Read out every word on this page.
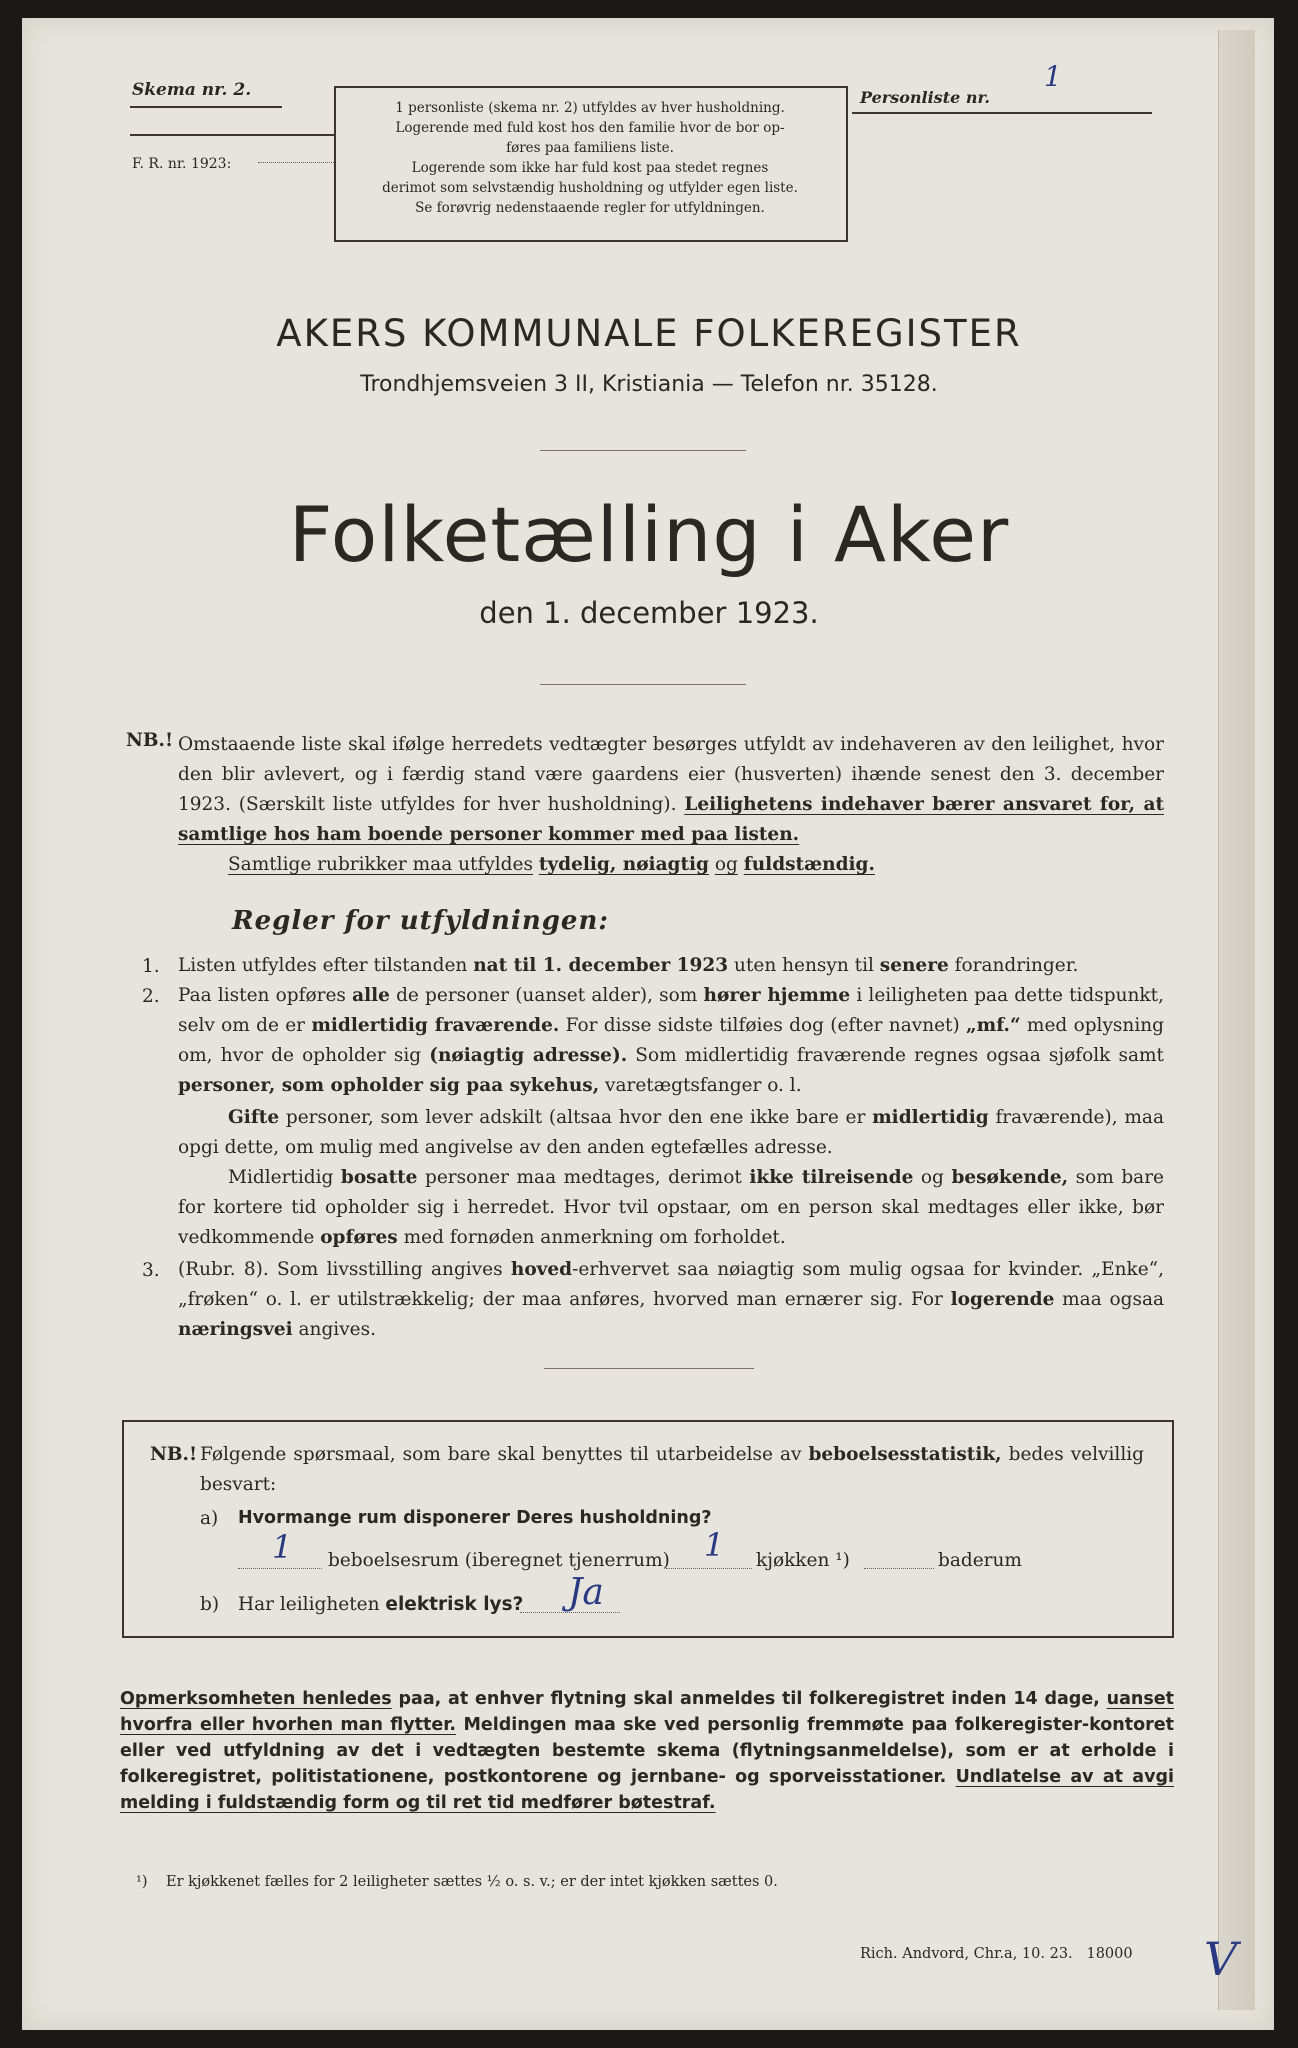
Skema nr. 2.
F. R. nr. 1923:
1 personliste (skema nr. 2) utfyldes av hver husholdning.
Logerende med fuld kost hos den familie hvor de bor op-
føres paa familiens liste.
Logerende som ikke har fuld kost paa stedet regnes
derimot som selvstændig husholdning og utfylder egen liste.
Se forøvrig nedenstaaende regler for utfyldningen.
Personliste nr.
1
AKERS KOMMUNALE FOLKEREGISTER
Trondhjemsveien 3 II, Kristiania — Telefon nr. 35128.
Folketælling i Aker
den 1. december 1923.
NB.! Omstaaende liste skal ifølge herredets vedtægter besørges utfyldt av indehaveren av den leilighet, hvor den blir avlevert, og i færdig stand være gaardens eier (husverten) ihænde senest den 3. december 1923. (Særskilt liste utfyldes for hver husholdning). Leilighetens indehaver bærer ansvaret for, at samtlige hos ham boende personer kommer med paa listen.
Samtlige rubrikker maa utfyldes tydelig, nøiagtig og fuldstændig.
Regler for utfyldningen:
1. Listen utfyldes efter tilstanden nat til 1. december 1923 uten hensyn til senere forandringer.
2. Paa listen opføres alle de personer (uanset alder), som hører hjemme i leiligheten paa dette tidspunkt, selv om de er midlertidig fraværende. For disse sidste tilføies dog (efter navnet) „mf.“ med oplysning om, hvor de opholder sig (nøiagtig adresse). Som midlertidig fraværende regnes ogsaa sjøfolk samt personer, som opholder sig paa sykehus, varetægtsfanger o. l.
Gifte personer, som lever adskilt (altsaa hvor den ene ikke bare er midlertidig fraværende), maa opgi dette, om mulig med angivelse av den anden egtefælles adresse.
Midlertidig bosatte personer maa medtages, derimot ikke tilreisende og besøkende, som bare for kortere tid opholder sig i herredet. Hvor tvil opstaar, om en person skal medtages eller ikke, bør vedkommende opføres med fornøden anmerkning om forholdet.
3. (Rubr. 8). Som livsstilling angives hoved-erhvervet saa nøiagtig som mulig ogsaa for kvinder. „Enke“, „frøken“ o. l. er utilstrækkelig; der maa anføres, hvorved man ernærer sig. For logerende maa ogsaa næringsvei angives.
NB.! Følgende spørsmaal, som bare skal benyttes til utarbeidelse av beboelsesstatistik, bedes velvillig besvart:
a) Hvormange rum disponerer Deres husholdning?
1 beboelsesrum (iberegnet tjenerrum) 1 kjøkken ¹)	baderum
b) Har leiligheten elektrisk lys? Ja
Opmerksomheten henledes paa, at enhver flytning skal anmeldes til folkeregistret inden 14 dage, uanset hvorfra eller hvorhen man flytter. Meldingen maa ske ved personlig fremmøte paa folkeregister-kontoret eller ved utfyldning av det i vedtægten bestemte skema (flytningsanmeldelse), som er at erholde i folkeregistret, politistationene, postkontorene og jernbane- og sporveisstationer. Undlatelse av at avgi melding i fuldstændig form og til ret tid medfører bøtestraf.
¹) Er kjøkkenet fælles for 2 leiligheter sættes ½ o. s. v.; er der intet kjøkken sættes 0.
Rich. Andvord, Chr.a, 10. 23.   18000 V
